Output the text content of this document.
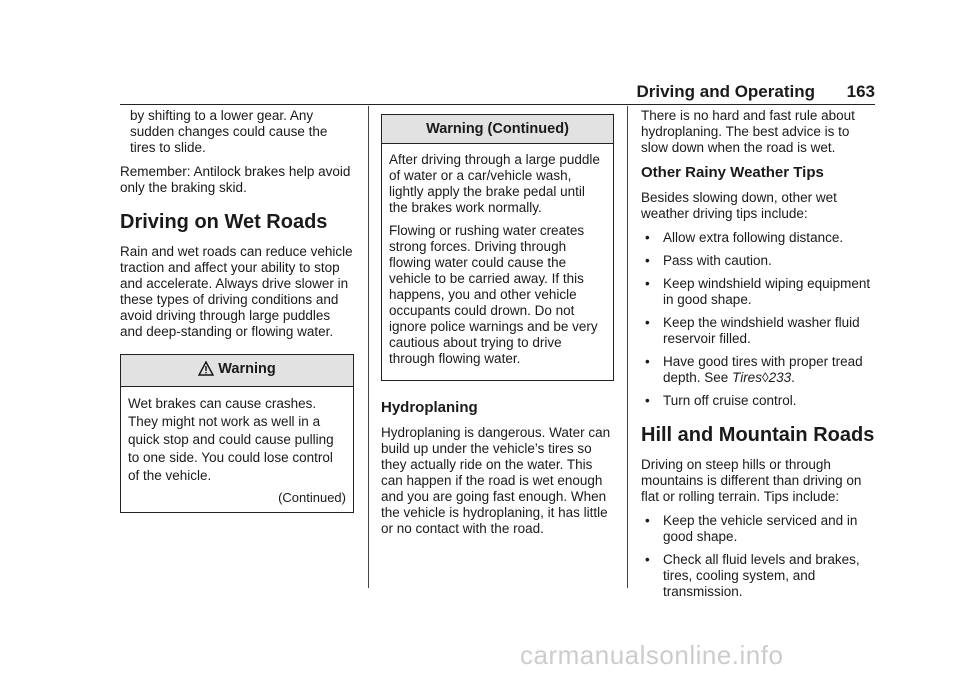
Driving and Operating 163

by shifting to a lower gear. Any sudden changes could cause the tires to slide.

Remember: Antilock brakes help avoid only the braking skid.

Driving on Wet Roads

Rain and wet roads can reduce vehicle traction and affect your ability to stop and accelerate. Always drive slower in these types of driving conditions and avoid driving through large puddles and deep-standing or flowing water.

Warning

Wet brakes can cause crashes. They might not work as well in a quick stop and could cause pulling to one side. You could lose control of the vehicle.

(Continued)
Warning (Continued)

After driving through a large puddle of water or a car/vehicle wash, lightly apply the brake pedal until the brakes work normally.

Flowing or rushing water creates strong forces. Driving through flowing water could cause the vehicle to be carried away. If this happens, you and other vehicle occupants could drown. Do not ignore police warnings and be very cautious about trying to drive through flowing water.

Hydroplaning

Hydroplaning is dangerous. Water can build up under the vehicle’s tires so they actually ride on the water. This can happen if the road is wet enough and you are going fast enough. When the vehicle is hydroplaning, it has little or no contact with the road.

There is no hard and fast rule about hydroplaning. The best advice is to slow down when the road is wet.

Other Rainy Weather Tips

Besides slowing down, other wet weather driving tips include:

• Allow extra following distance.
• Pass with caution.
• Keep windshield wiping equipment in good shape.
• Keep the windshield washer fluid reservoir filled.
• Have good tires with proper tread depth. See Tires◊233.
• Turn off cruise control.
Hill and Mountain Roads

Driving on steep hills or through mountains is different than driving on flat or rolling terrain. Tips include:

• Keep the vehicle serviced and in good shape.
• Check all fluid levels and brakes, tires, cooling system, and transmission.
carmanualsonline.info
